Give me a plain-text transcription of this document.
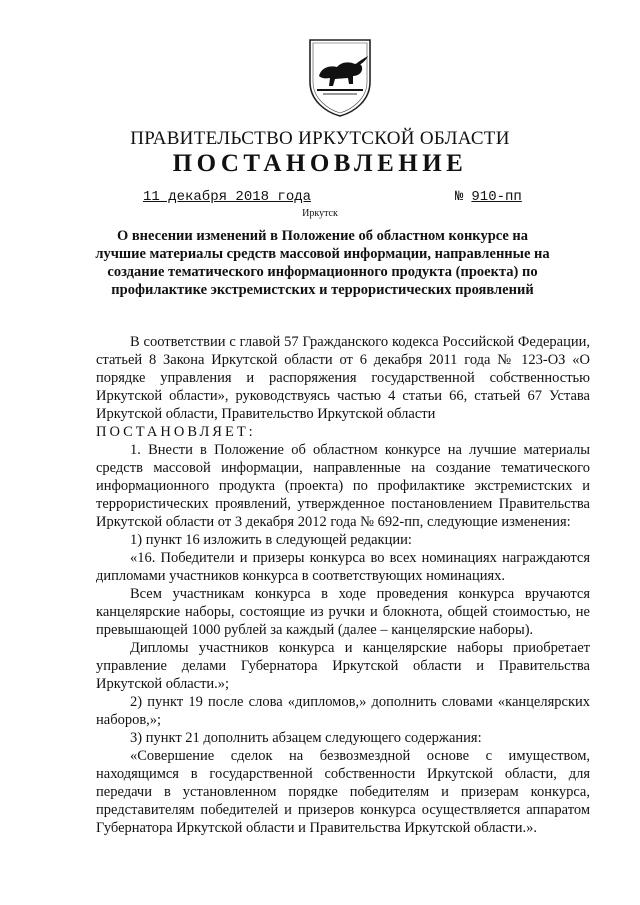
ПРАВИТЕЛЬСТВО ИРКУТСКОЙ ОБЛАСТИ
ПОСТАНОВЛЕНИЕ
11 декабря 2018 года	№ 910-пп
Иркутск
О внесении изменений в Положение об областном конкурсе на лучшие материалы средств массовой информации, направленные на создание тематического информационного продукта (проекта) по профилактике экстремистских и террористических проявлений

В соответствии с главой 57 Гражданского кодекса Российской Федерации, статьей 8 Закона Иркутской области от 6 декабря 2011 года № 123-ОЗ «О порядке управления и распоряжения государственной собственностью Иркутской области», руководствуясь частью 4 статьи 66, статьей 67 Устава Иркутской области, Правительство Иркутской области

ПОСТАНОВЛЯЕТ:

1. Внести в Положение об областном конкурсе на лучшие материалы средств массовой информации, направленные на создание тематического информационного продукта (проекта) по профилактике экстремистских и террористических проявлений, утвержденное постановлением Правительства Иркутской области от 3 декабря 2012 года № 692-пп, следующие изменения:

1) пункт 16 изложить в следующей редакции:

«16. Победители и призеры конкурса во всех номинациях награждаются дипломами участников конкурса в соответствующих номинациях.

Всем участникам конкурса в ходе проведения конкурса вручаются канцелярские наборы, состоящие из ручки и блокнота, общей стоимостью, не превышающей 1000 рублей за каждый (далее – канцелярские наборы).

Дипломы участников конкурса и канцелярские наборы приобретает управление делами Губернатора Иркутской области и Правительства Иркутской области.»;

2) пункт 19 после слова «дипломов,» дополнить словами «канцелярских наборов,»;

3) пункт 21 дополнить абзацем следующего содержания:

«Совершение сделок на безвозмездной основе с имуществом, находящимся в государственной собственности Иркутской области, для передачи в установленном порядке победителям и призерам конкурса, представителям победителей и призеров конкурса осуществляется аппаратом Губернатора Иркутской области и Правительства Иркутской области.».
